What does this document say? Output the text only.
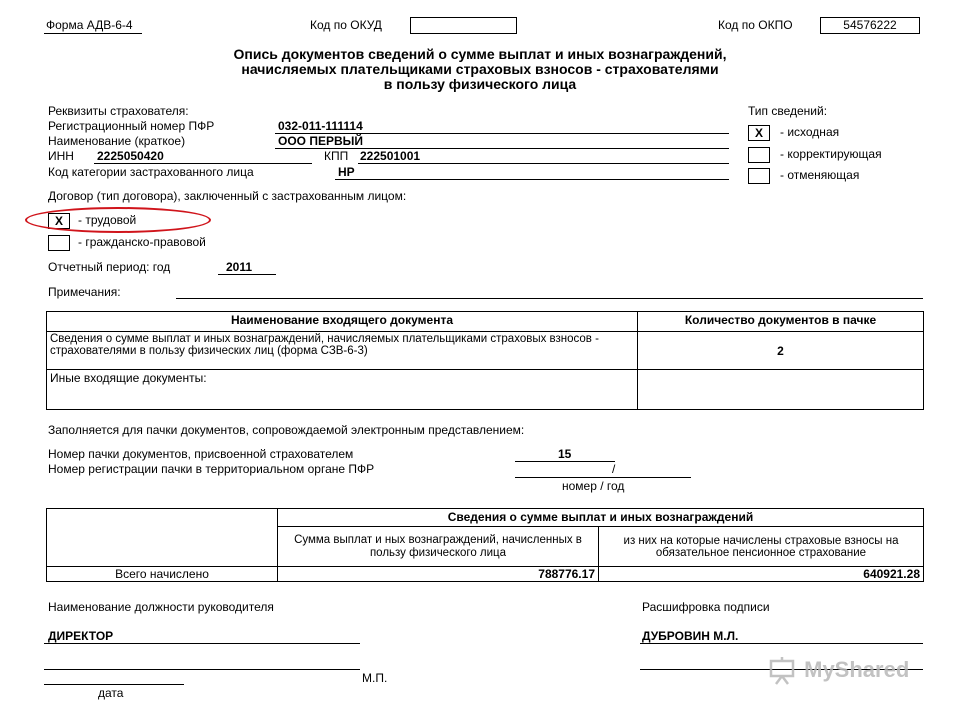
Форма АДВ-6-4	Код по ОКУД	Код по ОКПО	54576222
Опись документов сведений о сумме выплат и иных вознаграждений,
начисляемых плательщиками страховых взносов - страхователями
в пользу физического лица
Реквизиты страхователя:
Регистрационный номер ПФР	032-011-111114
Наименование (краткое)	ООО ПЕРВЫЙ
ИНН 2225050420	КПП 222501001
Код категории застрахованного лица	НР
Тип сведений:
X	- исходная
- корректирующая
- отменяющая
Договор (тип договора), заключенный с застрахованным лицом:
X	- трудовой
- гражданско-правовой
Отчетный период: год	2011
Примечания:
Наименование входящего документа	Количество документов в пачке
Сведения о сумме выплат и иных вознаграждений, начисляемых плательщиками страховых взносов - страхователями в пользу физических лиц (форма СЗВ-6-3)	2
Иные входящие документы:	
Заполняется для пачки документов, сопровождаемой электронным представлением:
Номер пачки документов, присвоенной страхователем	15
Номер регистрации пачки в территориальном органе ПФР	/
номер / год
	Сведения о сумме выплат и иных вознаграждений	
	Сумма выплат и ных вознаграждений, начисленных в пользу физического лица	из них на которые начислены страховые взносы на обязательное пенсионное страхование
Всего начислено	788776.17	640921.28
Наименование должности руководителя
ДИРЕКТОР
М.П.
дата
Расшифровка подписи
ДУБРОВИН М.Л.
MyShared
